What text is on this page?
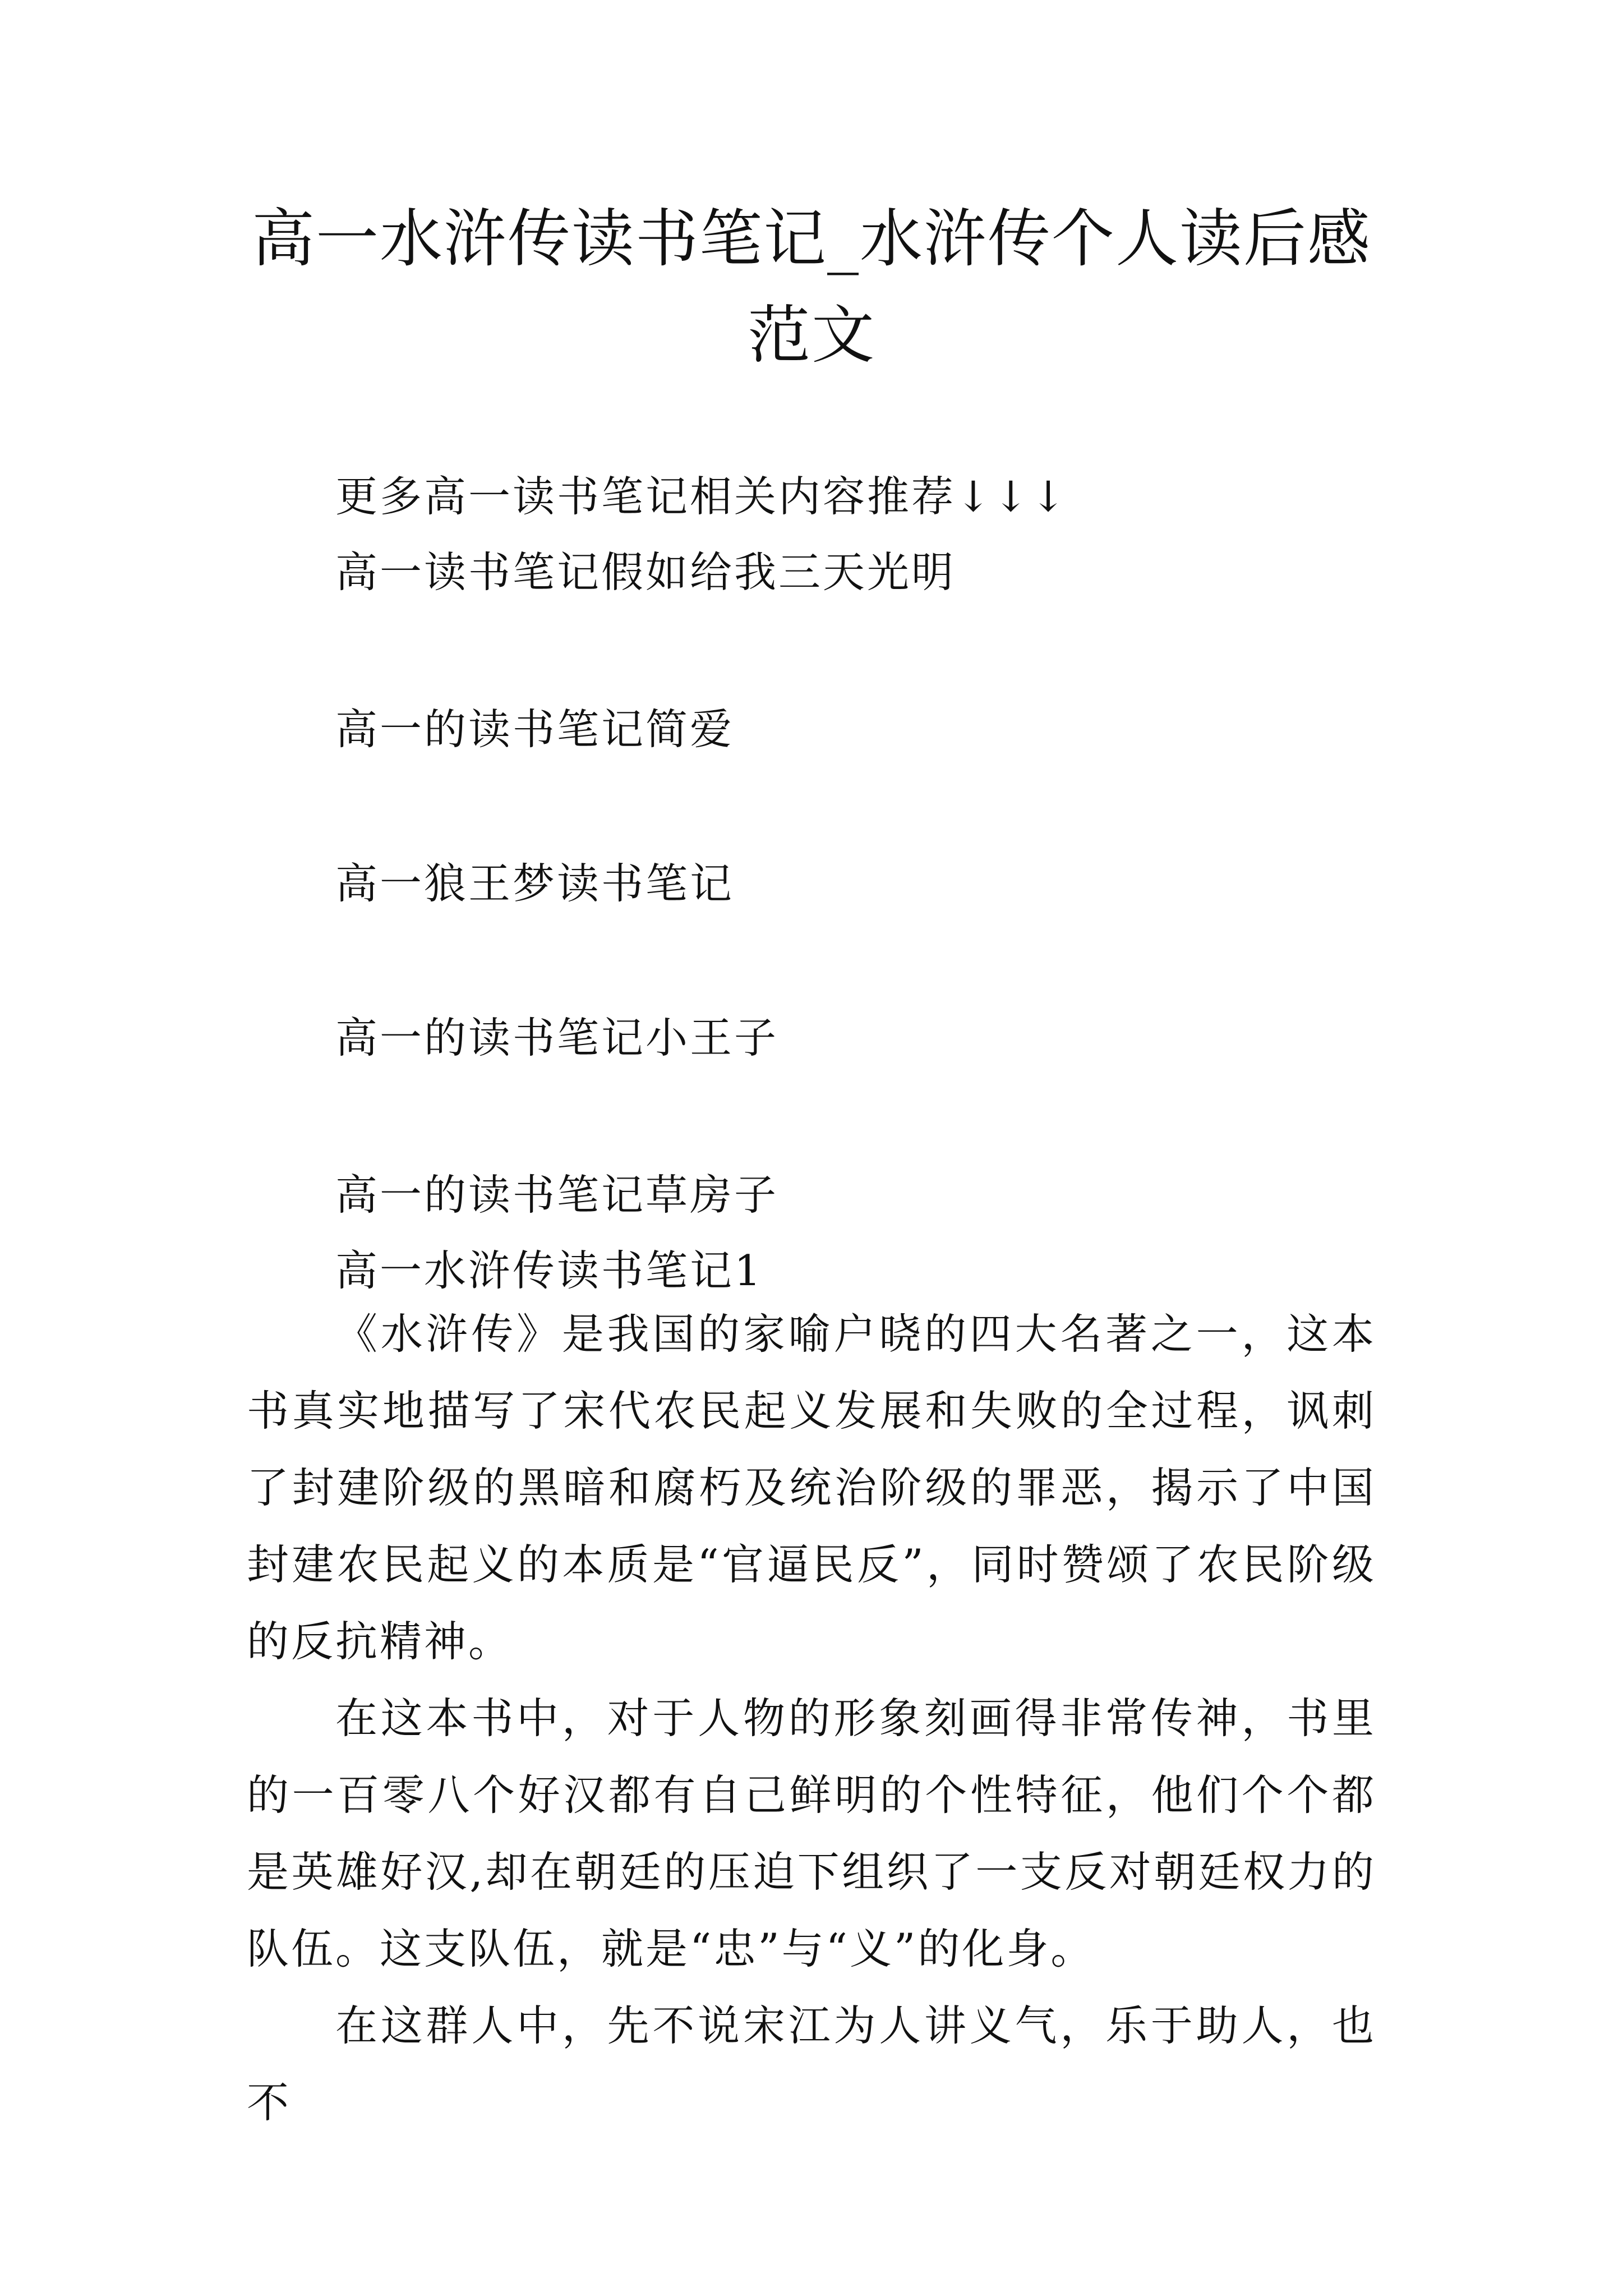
高一水浒传读书笔记_水浒传个人读后感范文

更多高一读书笔记相关内容推荐↓↓↓

高一读书笔记假如给我三天光明

高一的读书笔记简爱

高一狼王梦读书笔记

高一的读书笔记小王子

高一的读书笔记草房子

高一水浒传读书笔记1

《水浒传》是我国的家喻户晓的四大名著之一，这本书真实地描写了宋代农民起义发展和失败的全过程，讽刺了封建阶级的黑暗和腐朽及统治阶级的罪恶，揭示了中国封建农民起义的本质是“官逼民反”，同时赞颂了农民阶级的反抗精神。

在这本书中，对于人物的形象刻画得非常传神，书里的一百零八个好汉都有自己鲜明的个性特征，他们个个都是英雄好汉,却在朝廷的压迫下组织了一支反对朝廷权力的队伍。这支队伍，就是“忠”与“义”的化身。

在这群人中，先不说宋江为人讲义气，乐于助人，也不
